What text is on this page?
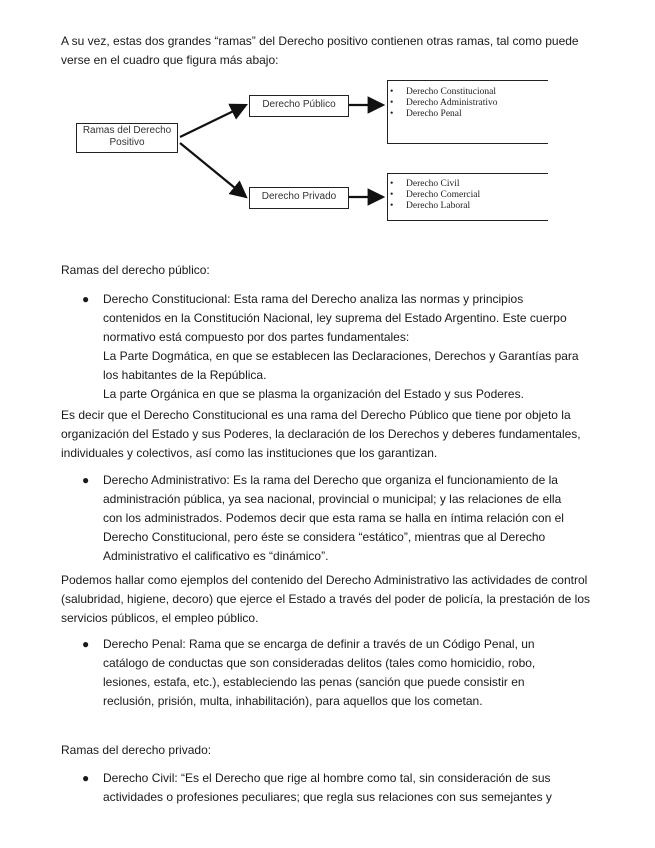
A su vez, estas dos grandes “ramas” del Derecho positivo contienen otras ramas, tal como puede verse en el cuadro que figura más abajo:

Ramas del Derecho Positivo
Derecho Público
Derecho Privado
• Derecho Constitucional
• Derecho Administrativo
• Derecho Penal
• Derecho Civil
• Derecho Comercial
• Derecho Laboral

Ramas del derecho público:

●	Derecho Constitucional: Esta rama del Derecho analiza las normas y principios
contenidos en la Constitución Nacional, ley suprema del Estado Argentino. Este cuerpo
normativo está compuesto por dos partes fundamentales:
La Parte Dogmática, en que se establecen las Declaraciones, Derechos y Garantías para
los habitantes de la República.
La parte Orgánica en que se plasma la organización del Estado y sus Poderes.

Es decir que el Derecho Constitucional es una rama del Derecho Público que tiene por objeto la organización del Estado y sus Poderes, la declaración de los Derechos y deberes fundamentales, individuales y colectivos, así como las instituciones que los garantizan.

●	Derecho Administrativo: Es la rama del Derecho que organiza el funcionamiento de la
administración pública, ya sea nacional, provincial o municipal; y las relaciones de ella
con los administrados. Podemos decir que esta rama se halla en íntima relación con el
Derecho Constitucional, pero éste se considera “estático”, mientras que al Derecho
Administrativo el calificativo es “dinámico”.

Podemos hallar como ejemplos del contenido del Derecho Administrativo las actividades de control (salubridad, higiene, decoro) que ejerce el Estado a través del poder de policía, la prestación de los servicios públicos, el empleo público.

●	Derecho Penal: Rama que se encarga de definir a través de un Código Penal, un
catálogo de conductas que son consideradas delitos (tales como homicidio, robo,
lesiones, estafa, etc.), estableciendo las penas (sanción que puede consistir en
reclusión, prisión, multa, inhabilitación), para aquellos que los cometan.

Ramas del derecho privado:

●	Derecho Civil: “Es el Derecho que rige al hombre como tal, sin consideración de sus
actividades o profesiones peculiares; que regla sus relaciones con sus semejantes y
